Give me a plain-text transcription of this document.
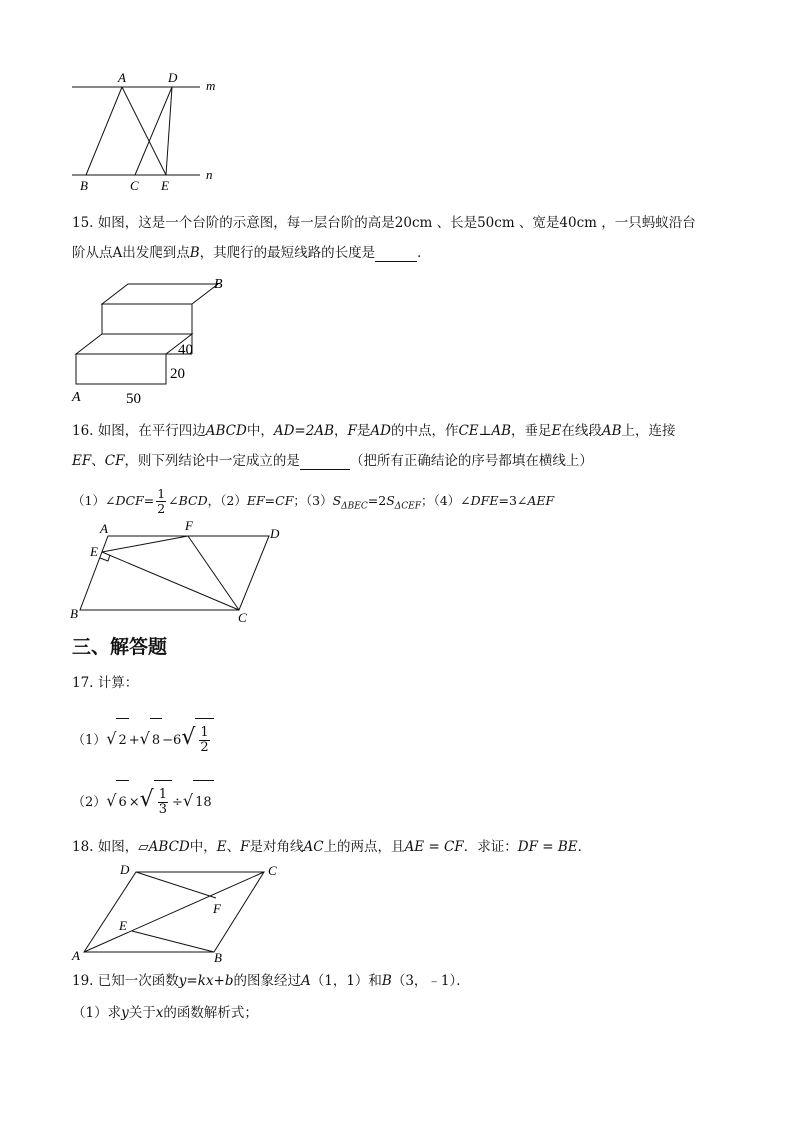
A	D
m
B	C E
n
15. 如图，这是一个台阶的示意图，每一层台阶的高是20cm 、长是50cm 、宽是40cm ，一只蚂蚁沿台
阶从点A出发爬到点B，其爬行的最短线路的长度是	．
B
A
40
20
50
16. 如图，在平行四边ABCD中，AD=2AB，F是AD的中点，作CE⊥AB，垂足E在线段AB上，连接
EF、CF，则下列结论中一定成立的是	（把所有正确结论的序号都填在横线上）
（1）∠DCF= $\frac{1}{2}$ ∠BCD，（2）EF=CF；$(3)S_{\Delta BEC}=2S_{\Delta CEF}$；（4）∠DFE=3∠AEF
A	F
D
E
B	C
三、解答题
17. 计算：
（1）√ 2 +√ $8 -6√ \frac{1}{2}$
（2）√ 6 ×√ $\frac{1}{3}$ ÷√ 18
18. 如图，▱ABCD中，E、F是对角线AC上的两点，且AE = CF．求证：DF = BE．
D	C
F
E
A	B
19. 已知一次函数y=kx+b的图象经过A（1，1）和B（3，﹣1）．
（1）求y关于x的函数解析式；
